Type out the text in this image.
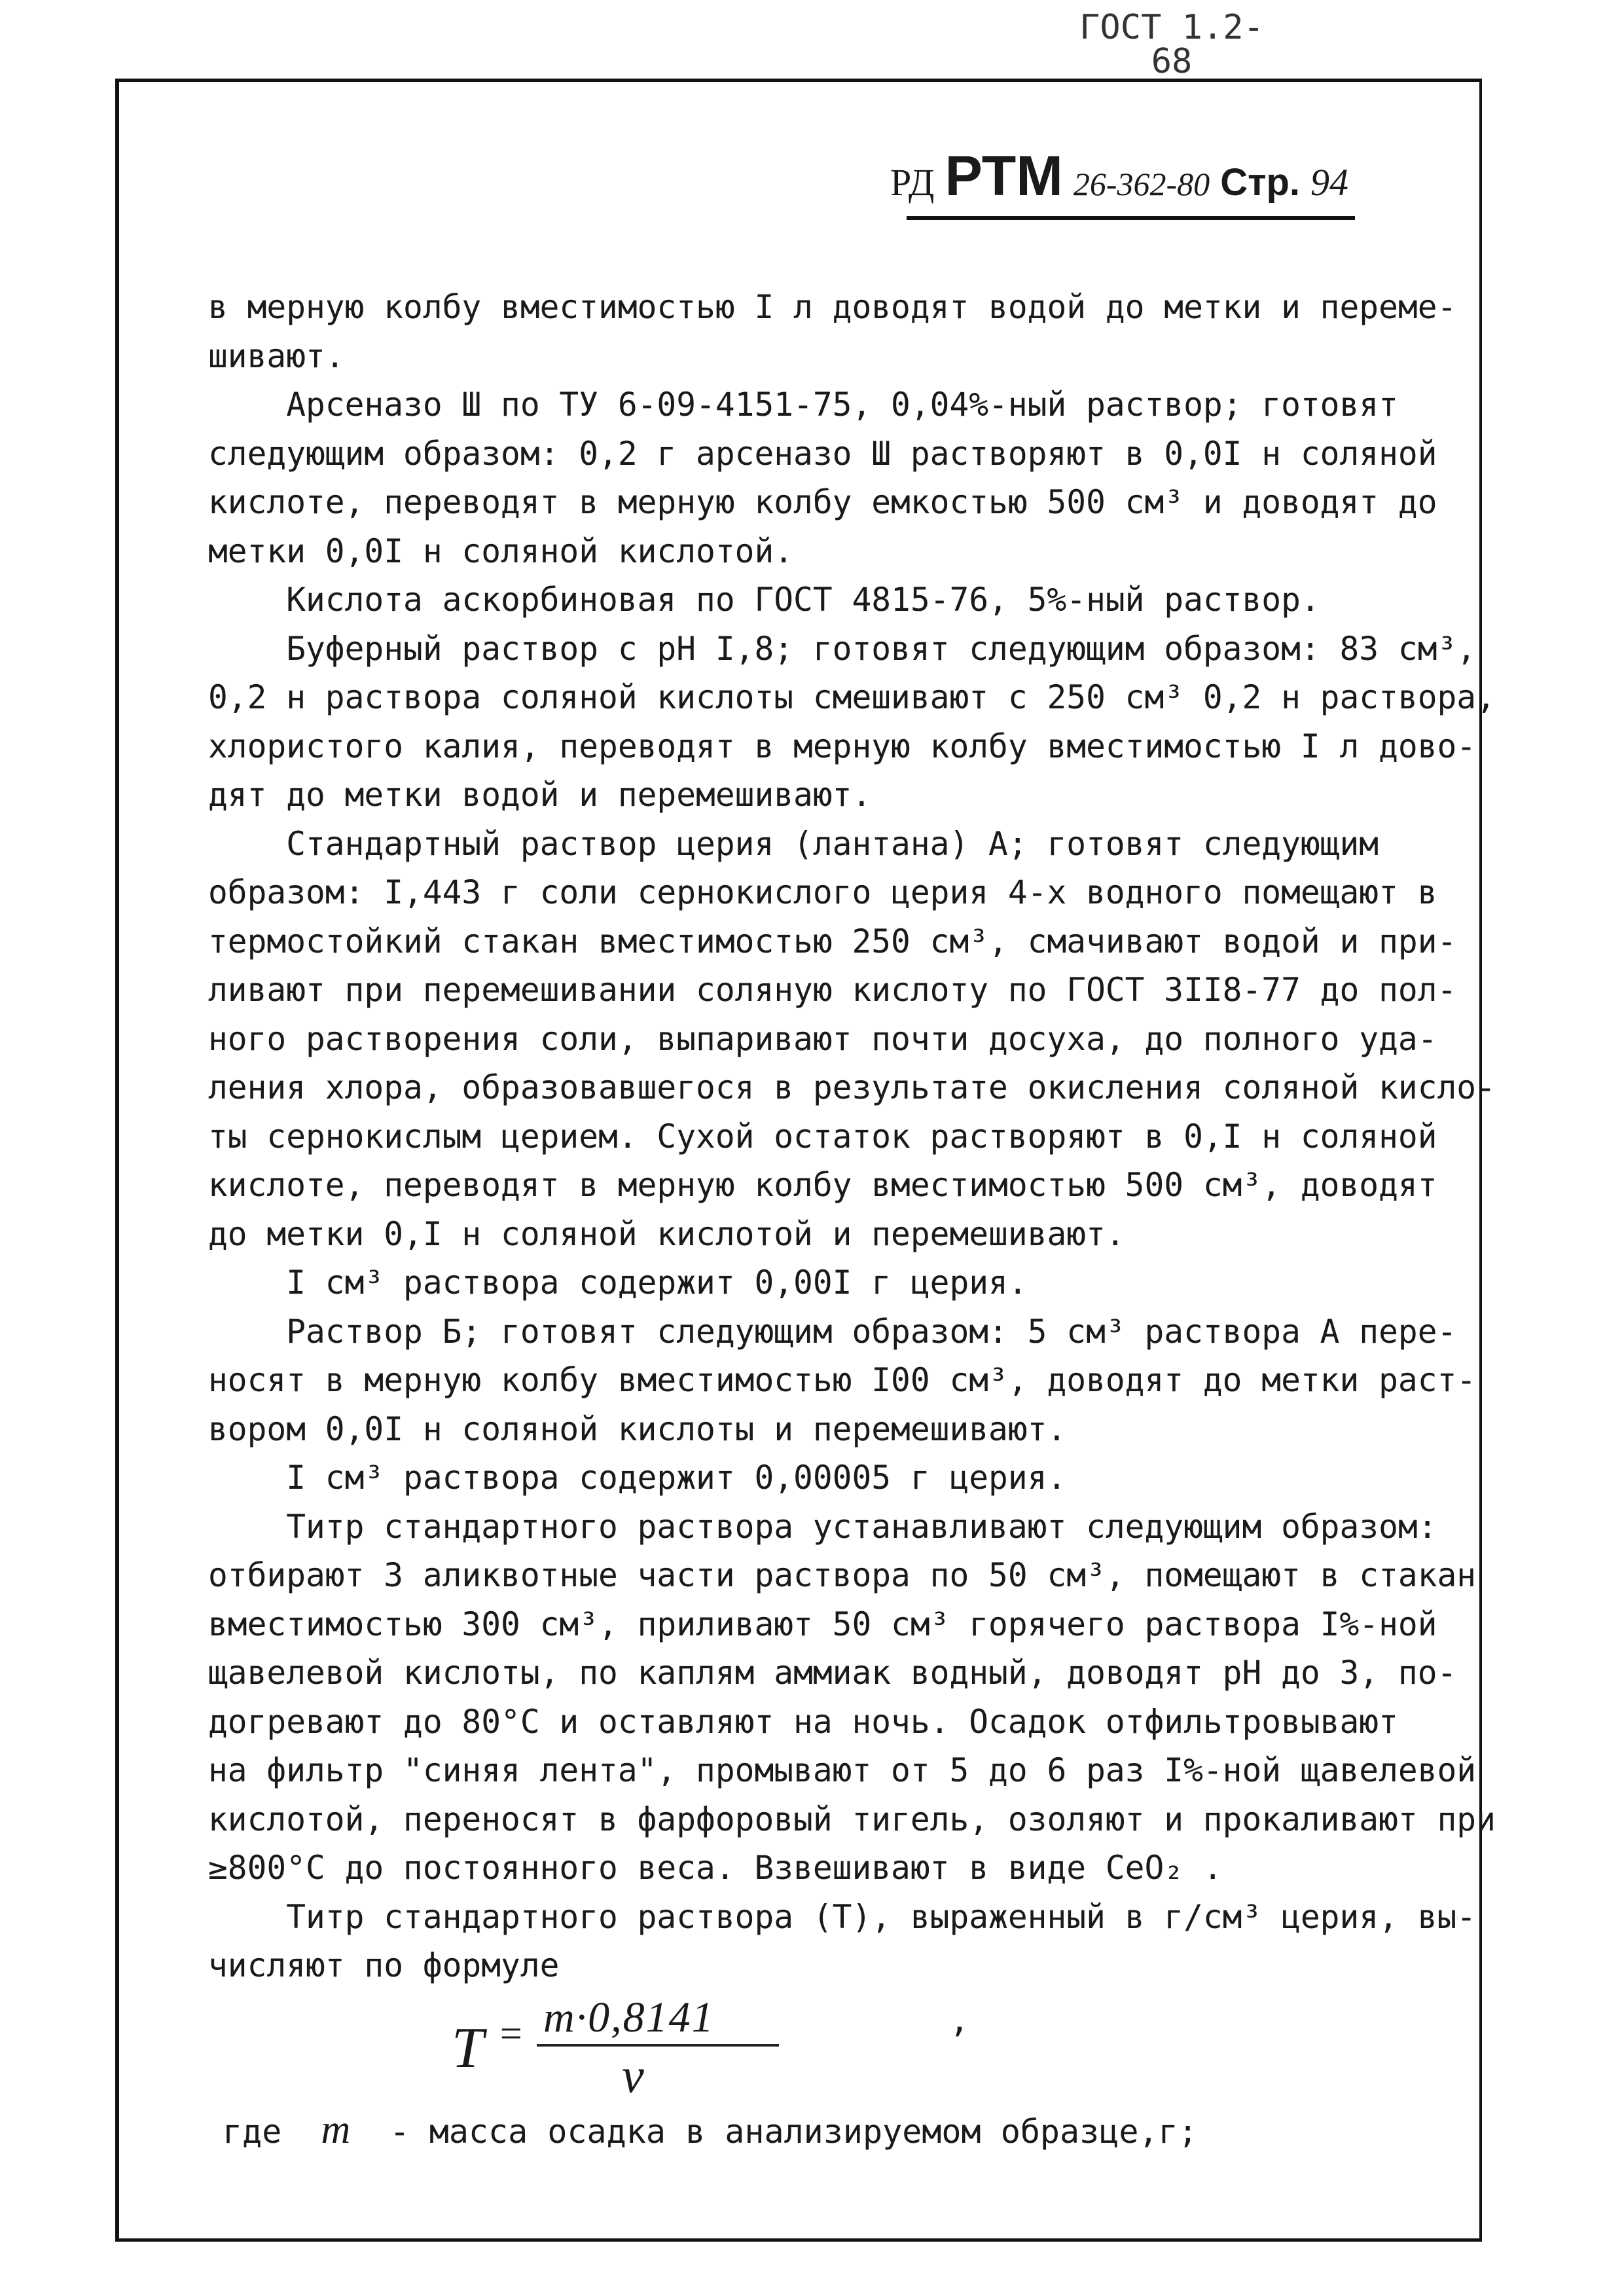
ГОСТ 1.2-68
РД РТМ 26-362-80 Стр. 94
в мерную колбу вместимостью I л доводят водой до метки и переме-
шивают.
Арсеназо Ш по ТУ 6-09-4151-75, 0,04%-ный раствор; готовят
следующим образом: 0,2 г арсеназо Ш растворяют в 0,0I н соляной
кислоте, переводят в мерную колбу емкостью 500 см³ и доводят до
метки 0,0I н соляной кислотой.
Кислота аскорбиновая по ГОСТ 4815-76, 5%-ный раствор.
Буферный раствор с pH I,8; готовят следующим образом: 83 см³,
0,2 н раствора соляной кислоты смешивают с 250 см³ 0,2 н раствора,
хлористого калия, переводят в мерную колбу вместимостью I л дово-
дят до метки водой и перемешивают.
Стандартный раствор церия (лантана) А; готовят следующим
образом: I,443 г соли сернокислого церия 4-х водного помещают в
термостойкий стакан вместимостью 250 см³, смачивают водой и при-
ливают при перемешивании соляную кислоту по ГОСТ 3II8-77 до пол-
ного растворения соли, выпаривают почти досуха, до полного уда-
ления хлора, образовавшегося в результате окисления соляной кисло-
ты сернокислым церием. Сухой остаток растворяют в 0,I н соляной
кислоте, переводят в мерную колбу вместимостью 500 см³, доводят
до метки 0,I н соляной кислотой и перемешивают.
I см³ раствора содержит 0,00I г церия.
Раствор Б; готовят следующим образом: 5 см³ раствора А пере-
носят в мерную колбу вместимостью I00 см³, доводят до метки раст-
вором 0,0I н соляной кислоты и перемешивают.
I см³ раствора содержит 0,00005 г церия.
Титр стандартного раствора устанавливают следующим образом:
отбирают 3 аликвотные части раствора по 50 см³, помещают в стакан
вместимостью 300 см³, приливают 50 см³ горячего раствора I%-ной
щавелевой кислоты, по каплям аммиак водный, доводят pH до 3, по-
догревают до 80°С и оставляют на ночь. Осадок отфильтровывают
на фильтр "синяя лента", промывают от 5 до 6 раз I%-ной щавелевой
кислотой, переносят в фарфоровый тигель, озоляют и прокаливают при
≥800°С до постоянного веса. Взвешивают в виде CeO₂ .
Титр стандартного раствора (Т), выраженный в г/см³ церия, вы-
числяют по формуле
T = m·0,8141
v
,
где m - масса осадка в анализируемом образце,г;
